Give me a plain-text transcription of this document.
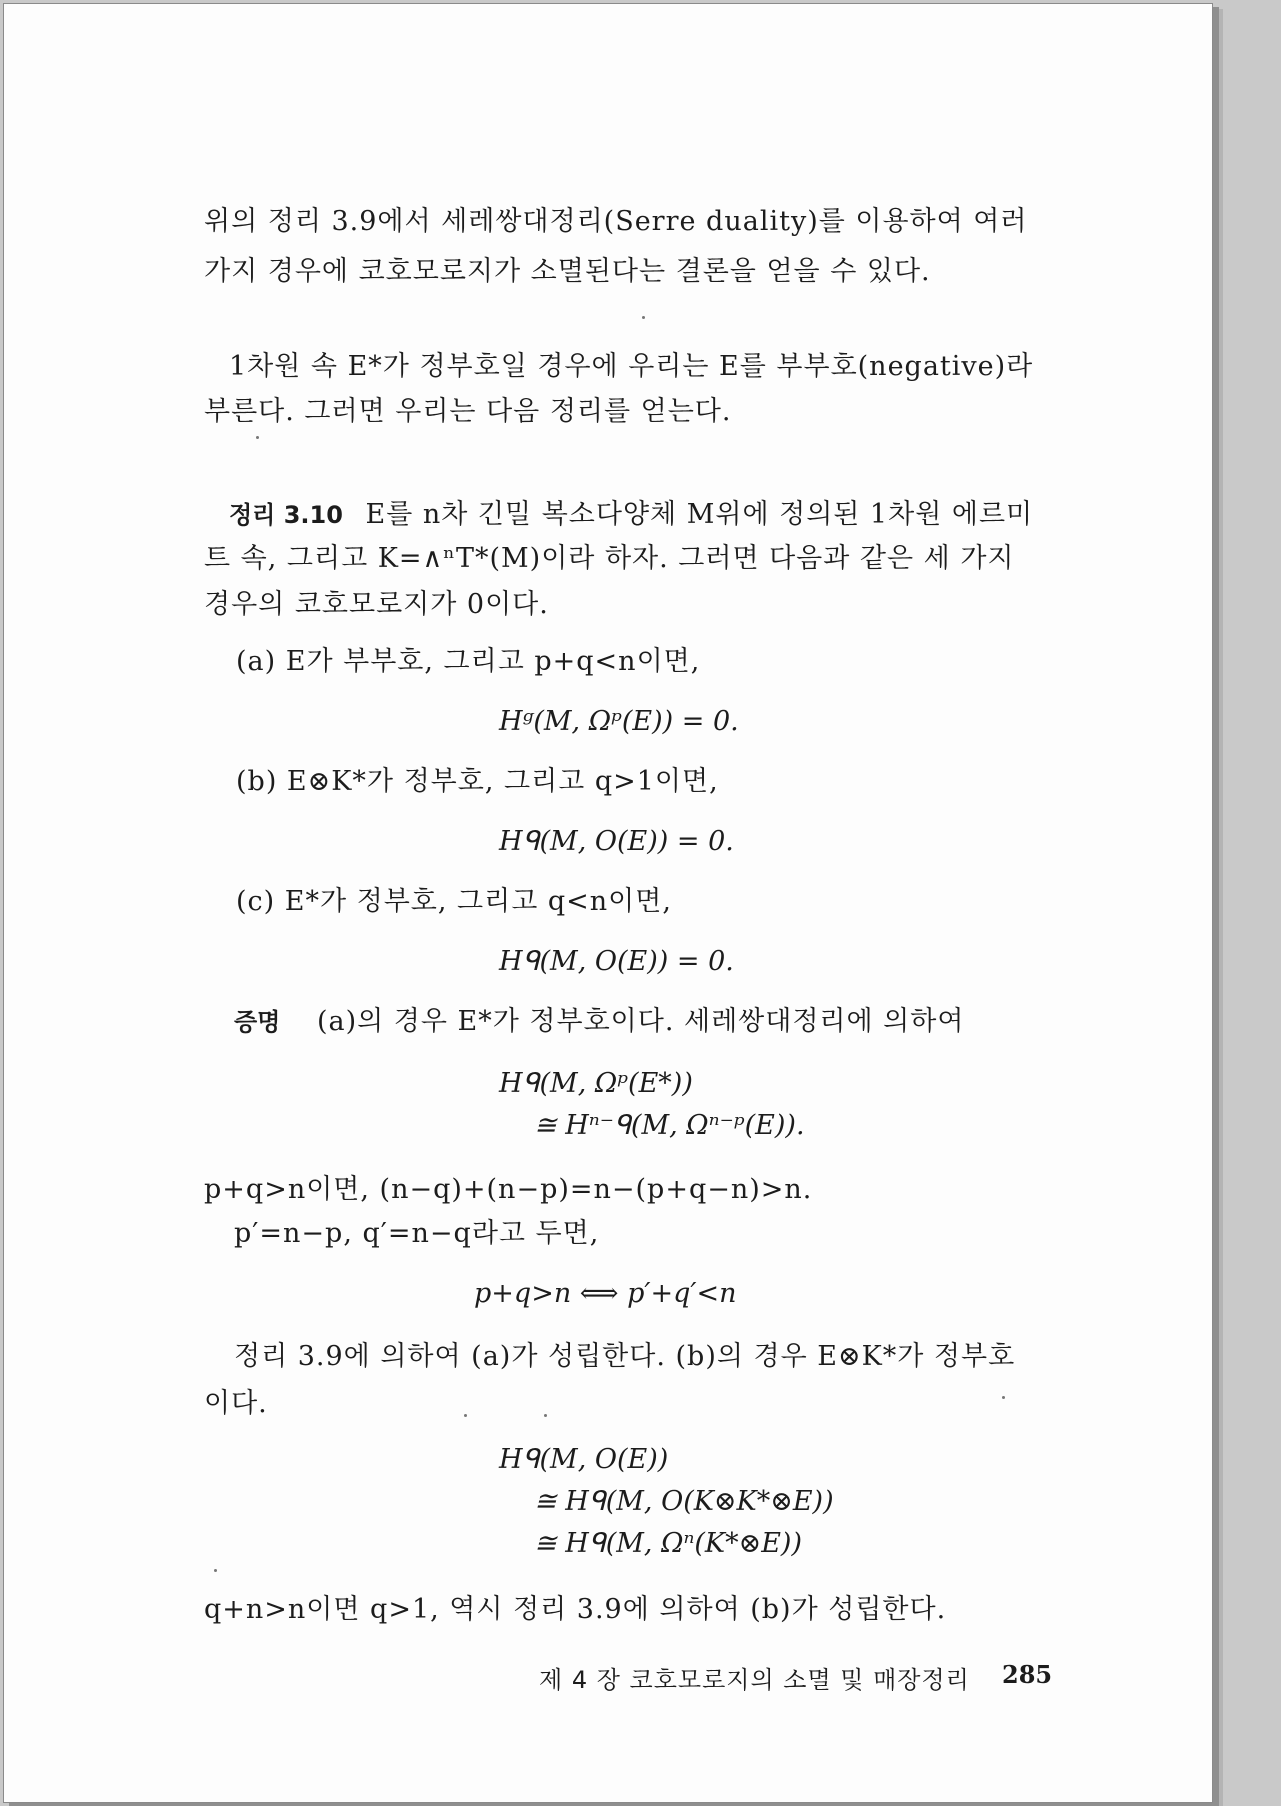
위의 정리 3.9에서 세레쌍대정리(Serre duality)를 이용하여 여러
가지 경우에 코호모로지가 소멸된다는 결론을 얻을 수 있다.
1차원 속 E*가 정부호일 경우에 우리는 E를 부부호(negative)라
부른다. 그러면 우리는 다음 정리를 얻는다.
정리 3.10 E를 n차 긴밀 복소다양체 M위에 정의된 1차원 에르미
트 속, 그리고 K=∧ⁿT*(M)이라 하자. 그러면 다음과 같은 세 가지
경우의 코호모로지가 0이다.
(a) E가 부부호, 그리고 p+q<n이면,
Hᵍ(M, Ωᵖ(E)) = 0.
(b) E⊗K*가 정부호, 그리고 q>1이면,
Hᑫ(M, O(E)) = 0.
(c) E*가 정부호, 그리고 q<n이면,
Hᑫ(M, O(E)) = 0.
증명 (a)의 경우 E*가 정부호이다. 세레쌍대정리에 의하여
Hᑫ(M, Ωᵖ(E*))
≅ Hⁿ⁻ᑫ(M, Ωⁿ⁻ᵖ(E)).
p+q>n이면, (n−q)+(n−p)=n−(p+q−n)>n.
p′=n−p, q′=n−q라고 두면,
p+q>n ⟺ p′+q′<n
정리 3.9에 의하여 (a)가 성립한다. (b)의 경우 E⊗K*가 정부호
이다.
Hᑫ(M, O(E))
≅ Hᑫ(M, O(K⊗K*⊗E))
≅ Hᑫ(M, Ωⁿ(K*⊗E))
q+n>n이면 q>1, 역시 정리 3.9에 의하여 (b)가 성립한다.
제 4 장 코호모로지의 소멸 및 매장정리 285
